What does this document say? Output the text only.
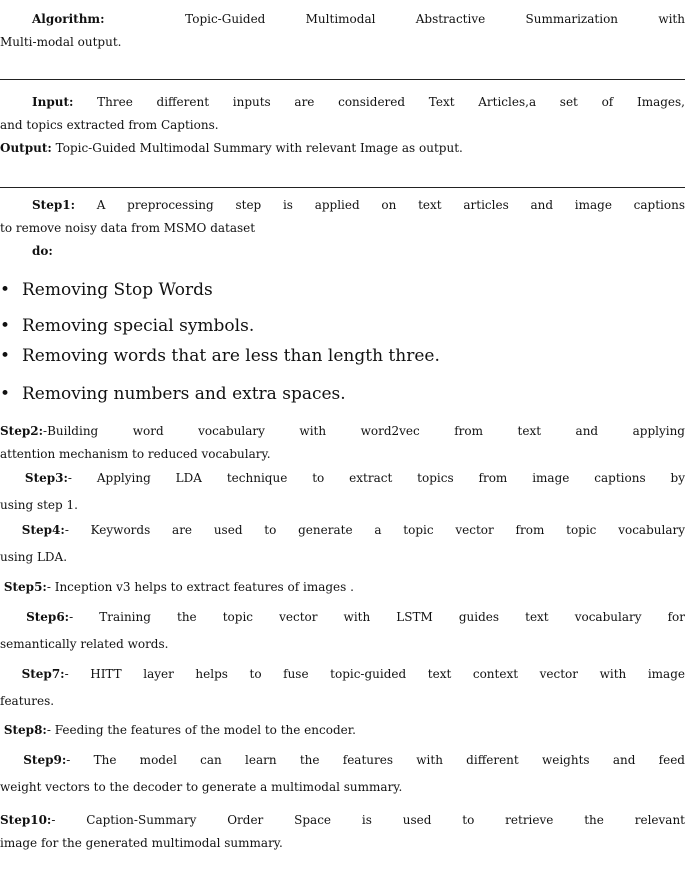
Algorithm:	Topic-Guided Multimodal Abstractive Summarization with
Multi-modal output.
Input: Three different inputs are considered Text Articles,a set of Images,
and topics extracted from Captions.
Output: Topic-Guided Multimodal Summary with relevant Image as output.
Step1: A preprocessing step is applied on text articles and image captions
to remove noisy data from MSMO dataset
do:
• Removing Stop Words
• Removing special symbols.
• Removing words that are less than length three.
• Removing numbers and extra spaces.
Step2:-Building word vocabulary with word2vec from text and applying
attention mechanism to reduced vocabulary.
Step3:- Applying LDA technique to extract topics from image captions by
using step 1.
Step4:- Keywords are used to generate a topic vector from topic vocabulary
using LDA.
Step5:- Inception v3 helps to extract features of images .
Step6:- Training the topic vector with LSTM guides text vocabulary for
semantically related words.
Step7:- HITT layer helps to fuse topic-guided text context vector with image
features.
Step8:- Feeding the features of the model to the encoder.
Step9:- The model can learn the features with different weights and feed
weight vectors to the decoder to generate a multimodal summary.
Step10:- Caption-Summary Order Space is used to retrieve the relevant
image for the generated multimodal summary.
